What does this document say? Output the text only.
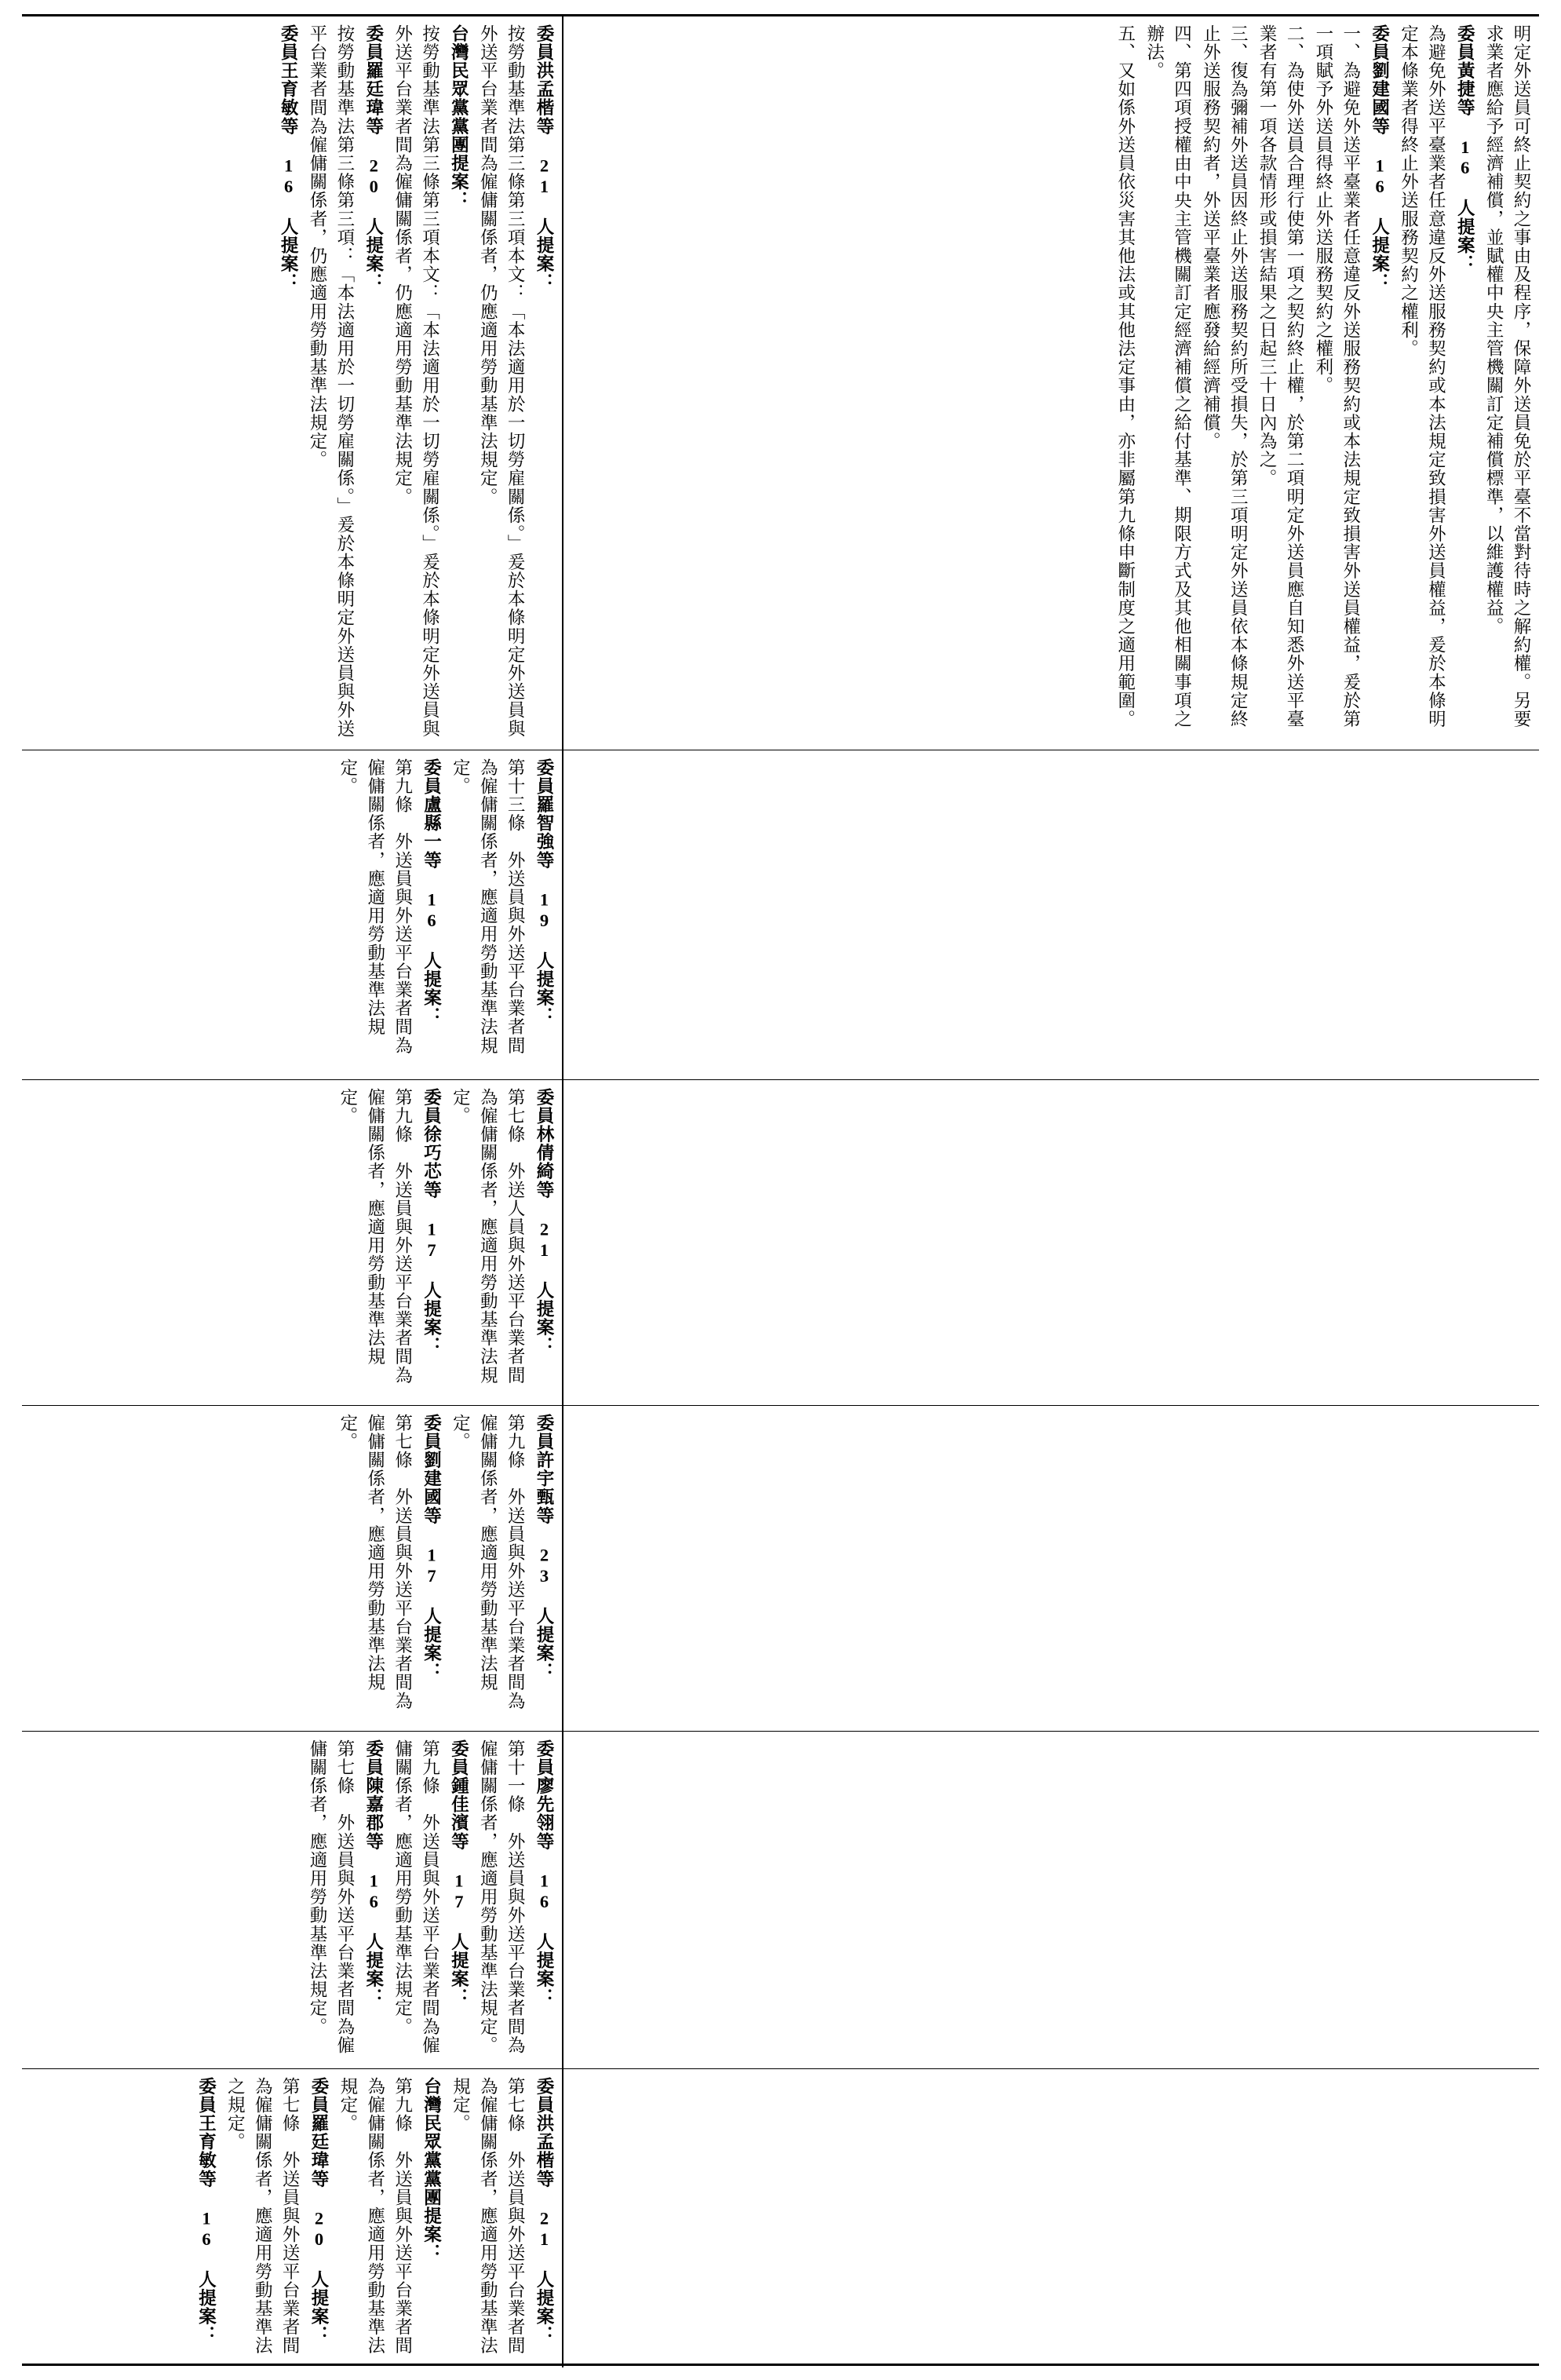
明定外送員可終止契約之事由及程序，保障外送員免於平臺不當對待時之解約權。另要求業者應給予經濟補償，並賦權中央主管機關訂定補償標準，以維護權益。
委員黃捷等 16 人提案：
為避免外送平臺業者任意違反外送服務契約或本法規定致損害外送員權益，爰於本條明定本條業者得終止外送服務契約之權利。
委員劉建國等 16 人提案：
一、為避免外送平臺業者任意違反外送服務契約或本法規定致損害外送員權益，爰於第一項賦予外送員得終止外送服務契約之權利。
二、為使外送員合理行使第一項之契約終止權，於第二項明定外送員應自知悉外送平臺業者有第一項各款情形或損害結果之日起三十日內為之。
三、復為彌補外送員因終止外送服務契約所受損失，於第三項明定外送員依本條規定終止外送服務契約者，外送平臺業者應發給經濟補償。
四、第四項授權由中央主管機關訂定經濟補償之給付基準、期限方式及其他相關事項之辦法。
五、又如係外送員依災害其他法或其他法定事由，亦非屬第九條申斷制度之適用範圍。
委員洪孟楷等 21 人提案：
按勞動基準法第三條第三項本文：「本法適用於一切勞雇關係。」爰於本條明定外送員與外送平台業者間為僱傭關係者，仍應適用勞動基準法規定。
台灣民眾黨黨團提案：
按勞動基準法第三條第三項本文：「本法適用於一切勞雇關係。」爰於本條明定外送員與外送平台業者間為僱傭關係者，仍應適用勞動基準法規定。
委員羅廷瑋等 20 人提案：
按勞動基準法第三條第三項：「本法適用於一切勞雇關係。」爰於本條明定外送員與外送平台業者間為僱傭關係者，仍應適用勞動基準法規定。
委員王育敏等 16 人提案：
委員羅智強等 19 人提案：
第十三條　外送員與外送平台業者間為僱傭關係者，應適用勞動基準法規定。
委員盧縣一等 16 人提案：
第九條　外送員與外送平台業者間為僱傭關係者，應適用勞動基準法規定。
委員林倩綺等 21 人提案：
第七條　外送人員與外送平台業者間為僱傭關係者，應適用勞動基準法規定。
委員徐巧芯等 17 人提案：
第九條　外送員與外送平台業者間為僱傭關係者，應適用勞動基準法規定。
委員許宇甄等 23 人提案：
第九條　外送員與外送平台業者間為僱傭關係者，應適用勞動基準法規定。
委員劉建國等 17 人提案：
第七條　外送員與外送平台業者間為僱傭關係者，應適用勞動基準法規定。
委員廖先翎等 16 人提案：
第十一條　外送員與外送平台業者間為僱傭關係者，應適用勞動基準法規定。
委員鍾佳濱等 17 人提案：
第九條　外送員與外送平台業者間為僱傭關係者，應適用勞動基準法規定。
委員陳嘉郡等 16 人提案：
第七條　外送員與外送平台業者間為僱傭關係者，應適用勞動基準法規定。
委員洪孟楷等 21 人提案：
第七條　外送員與外送平台業者間為僱傭關係者，應適用勞動基準法規定。
台灣民眾黨黨團提案：
第九條　外送員與外送平台業者間為僱傭關係者，應適用勞動基準法規定。
委員羅廷瑋等 20 人提案：
第七條　外送員與外送平台業者間為僱傭關係者，應適用勞動基準法之規定。
委員王育敏等 16 人提案：
